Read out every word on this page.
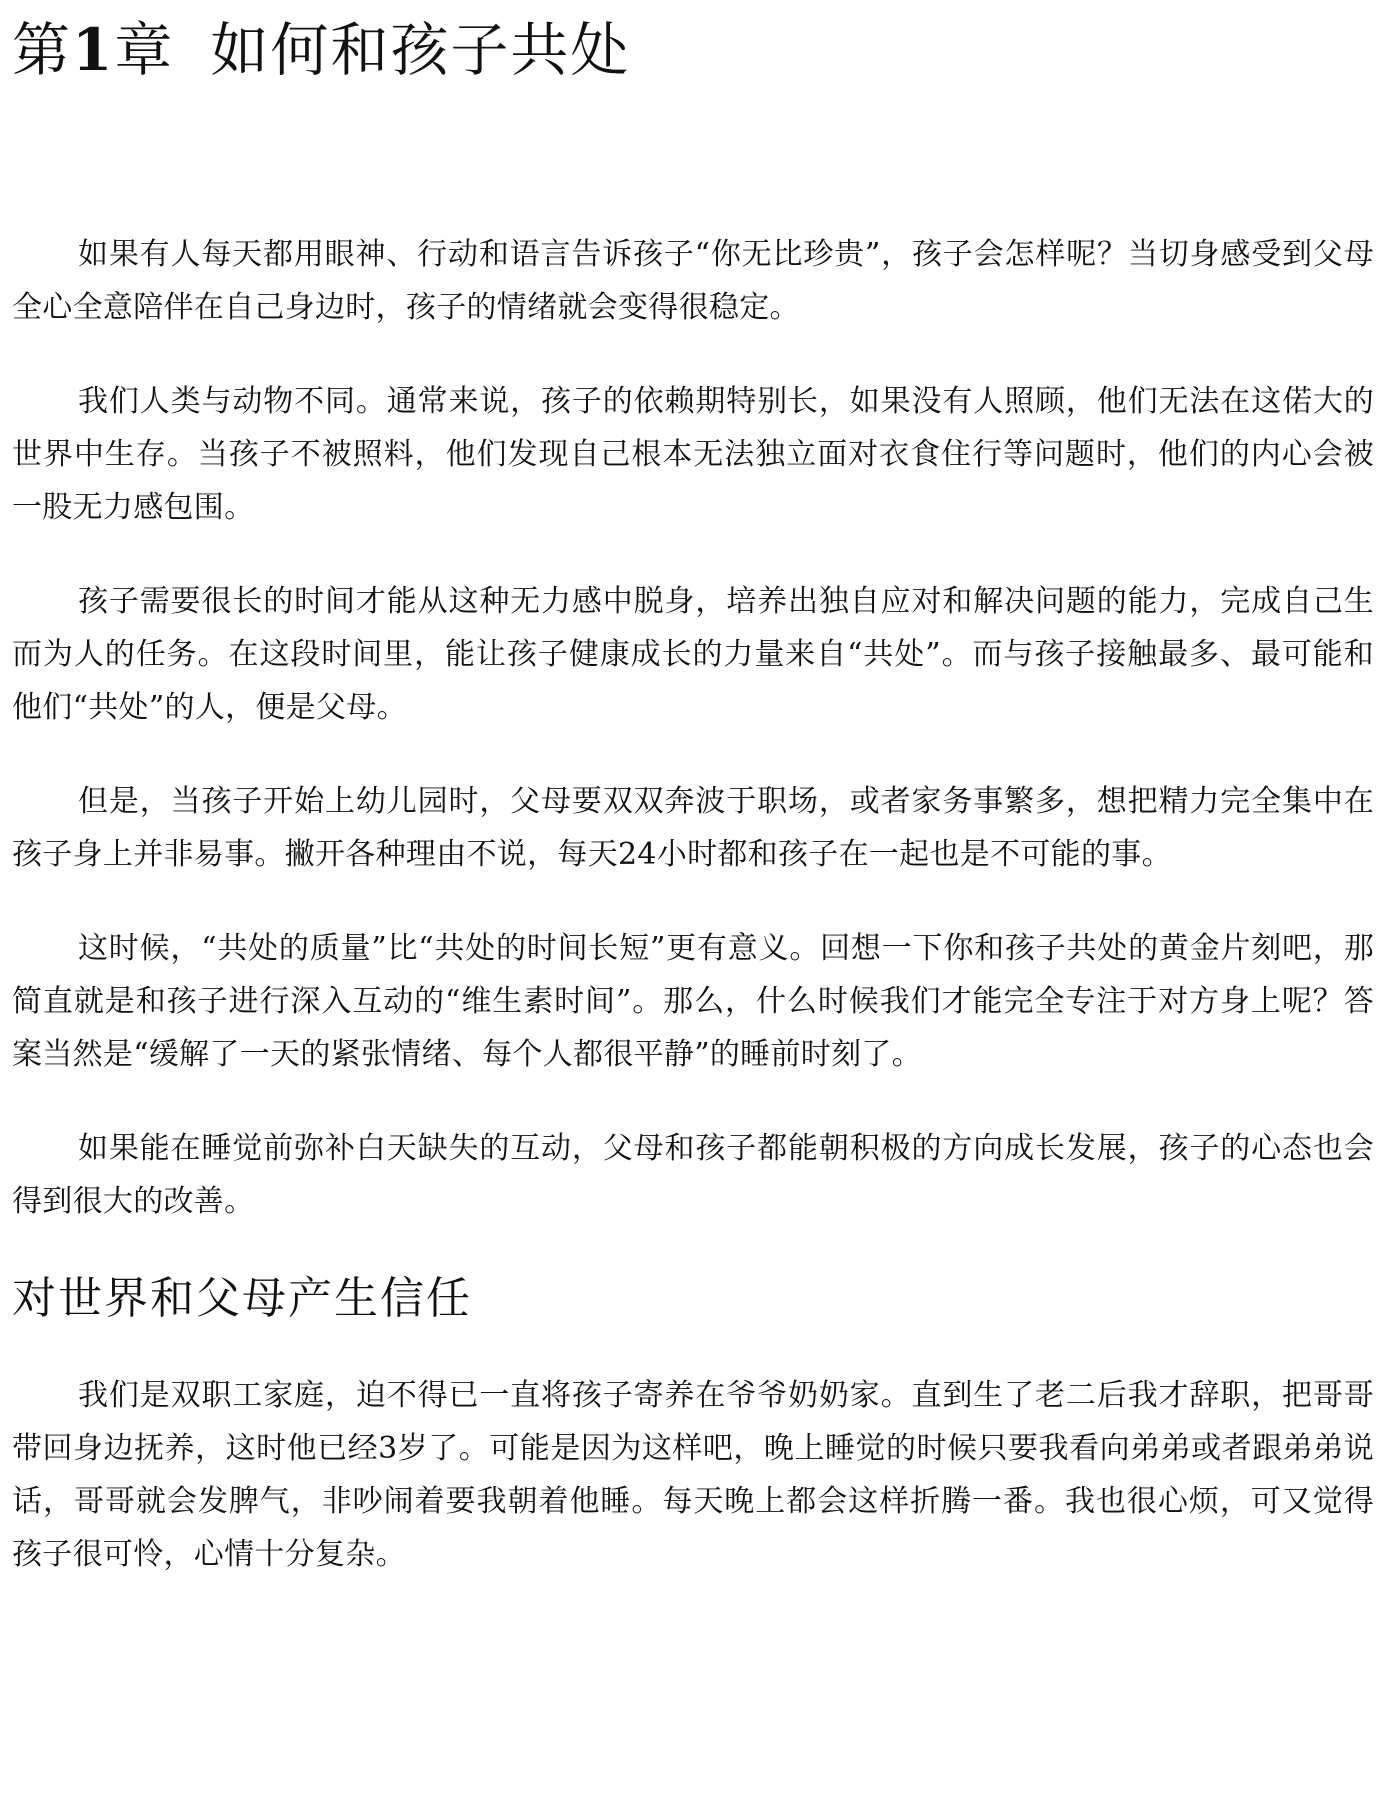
第1章 如何和孩子共处

如果有人每天都用眼神、行动和语言告诉孩子“你无比珍贵”，孩子会怎样呢？当切身感受到父母全心全意陪伴在自己身边时，孩子的情绪就会变得很稳定。

我们人类与动物不同。通常来说，孩子的依赖期特别长，如果没有人照顾，他们无法在这偌大的世界中生存。当孩子不被照料，他们发现自己根本无法独立面对衣食住行等问题时，他们的内心会被一股无力感包围。

孩子需要很长的时间才能从这种无力感中脱身，培养出独自应对和解决问题的能力，完成自己生而为人的任务。在这段时间里，能让孩子健康成长的力量来自“共处”。而与孩子接触最多、最可能和他们“共处”的人，便是父母。

但是，当孩子开始上幼儿园时，父母要双双奔波于职场，或者家务事繁多，想把精力完全集中在孩子身上并非易事。撇开各种理由不说，每天24小时都和孩子在一起也是不可能的事。

这时候，“共处的质量”比“共处的时间长短”更有意义。回想一下你和孩子共处的黄金片刻吧，那简直就是和孩子进行深入互动的“维生素时间”。那么，什么时候我们才能完全专注于对方身上呢？答案当然是“缓解了一天的紧张情绪、每个人都很平静”的睡前时刻了。

如果能在睡觉前弥补白天缺失的互动，父母和孩子都能朝积极的方向成长发展，孩子的心态也会得到很大的改善。

对世界和父母产生信任

我们是双职工家庭，迫不得已一直将孩子寄养在爷爷奶奶家。直到生了老二后我才辞职，把哥哥带回身边抚养，这时他已经3岁了。可能是因为这样吧，晚上睡觉的时候只要我看向弟弟或者跟弟弟说话，哥哥就会发脾气，非吵闹着要我朝着他睡。每天晚上都会这样折腾一番。我也很心烦，可又觉得孩子很可怜，心情十分复杂。
